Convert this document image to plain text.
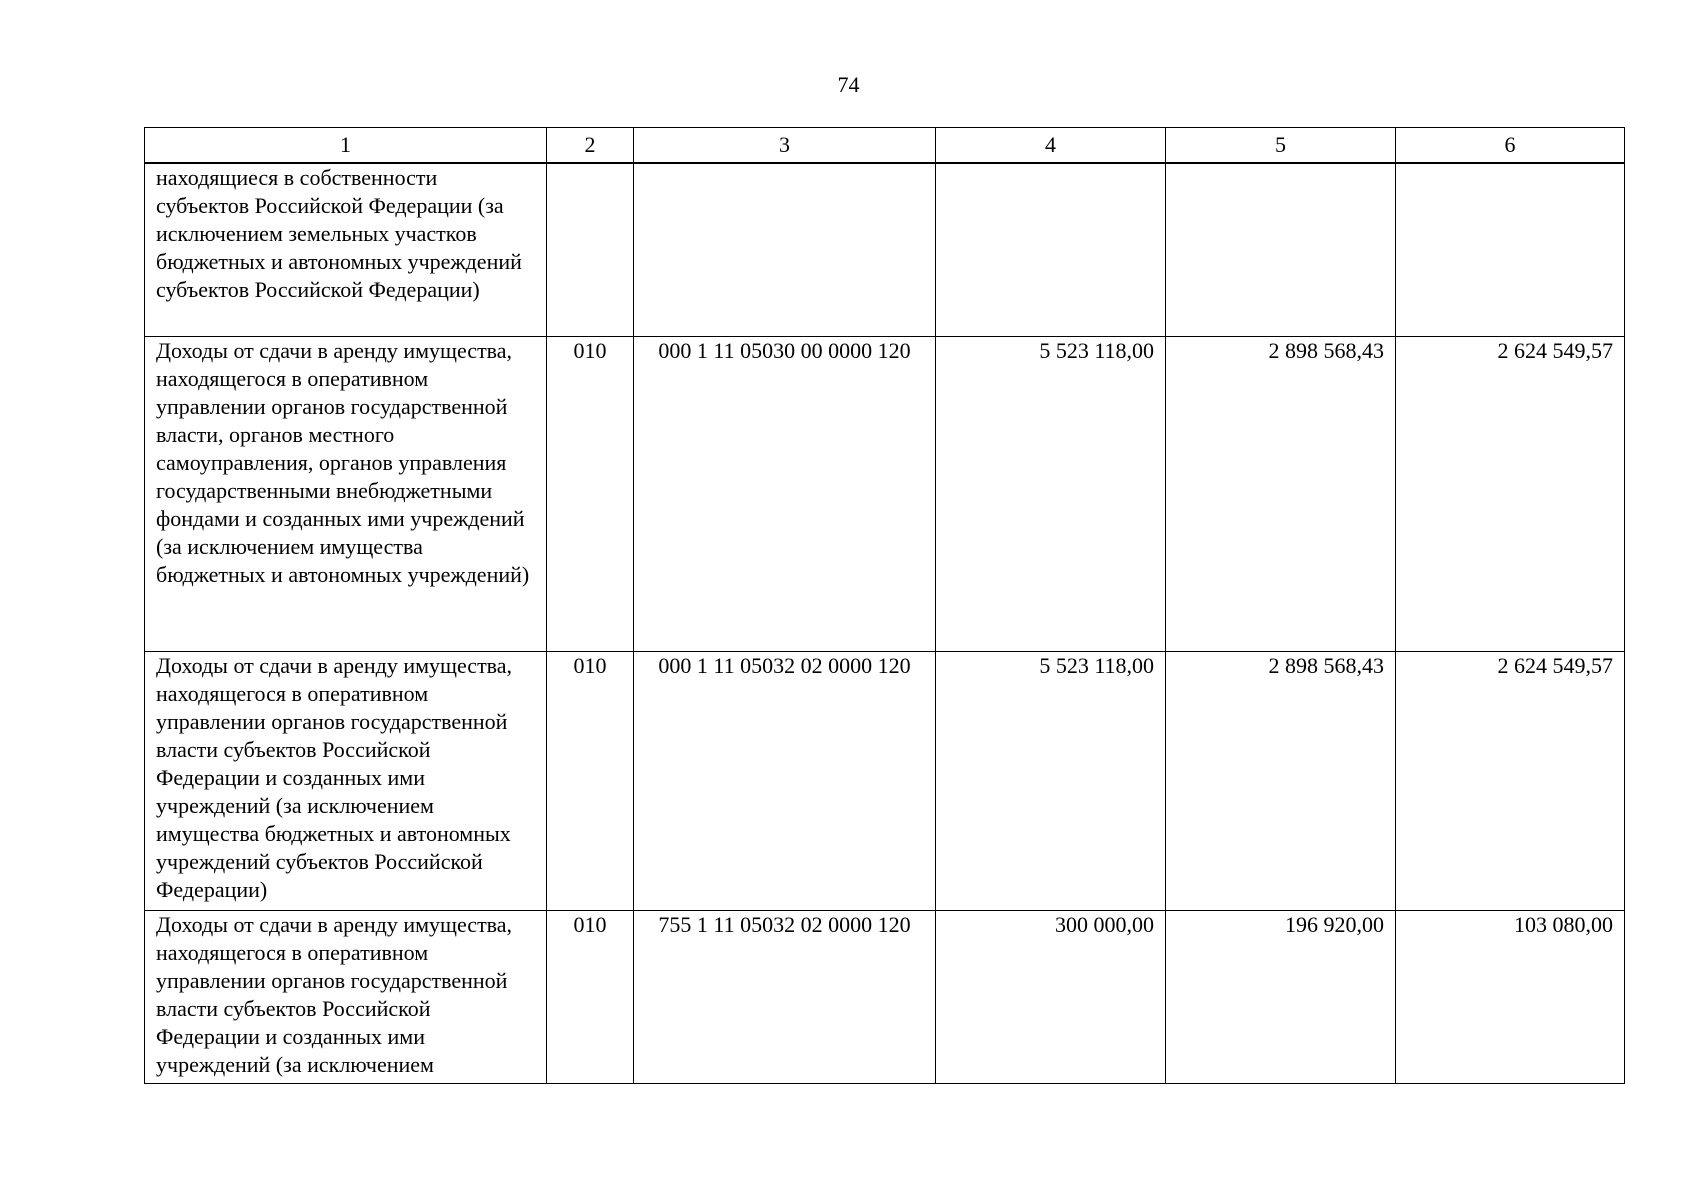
74
1	2	3	4	5	6
находящиеся в собственности субъектов Российской Федерации (за исключением земельных участков бюджетных и автономных учреждений субъектов Российской Федерации)					
Доходы от сдачи в аренду имущества, находящегося в оперативном управлении органов государственной власти, органов местного самоуправления, органов управления государственными внебюджетными фондами и созданных ими учреждений (за исключением имущества бюджетных и автономных учреждений)	010	000 1 11 05030 00 0000 120	5 523 118,00	2 898 568,43	2 624 549,57
Доходы от сдачи в аренду имущества, находящегося в оперативном управлении органов государственной власти субъектов Российской Федерации и созданных ими учреждений (за исключением имущества бюджетных и автономных учреждений субъектов Российской Федерации)	010	000 1 11 05032 02 0000 120	5 523 118,00	2 898 568,43	2 624 549,57
Доходы от сдачи в аренду имущества, находящегося в оперативном управлении органов государственной власти субъектов Российской Федерации и созданных ими учреждений (за исключением	010	755 1 11 05032 02 0000 120	300 000,00	196 920,00	103 080,00
